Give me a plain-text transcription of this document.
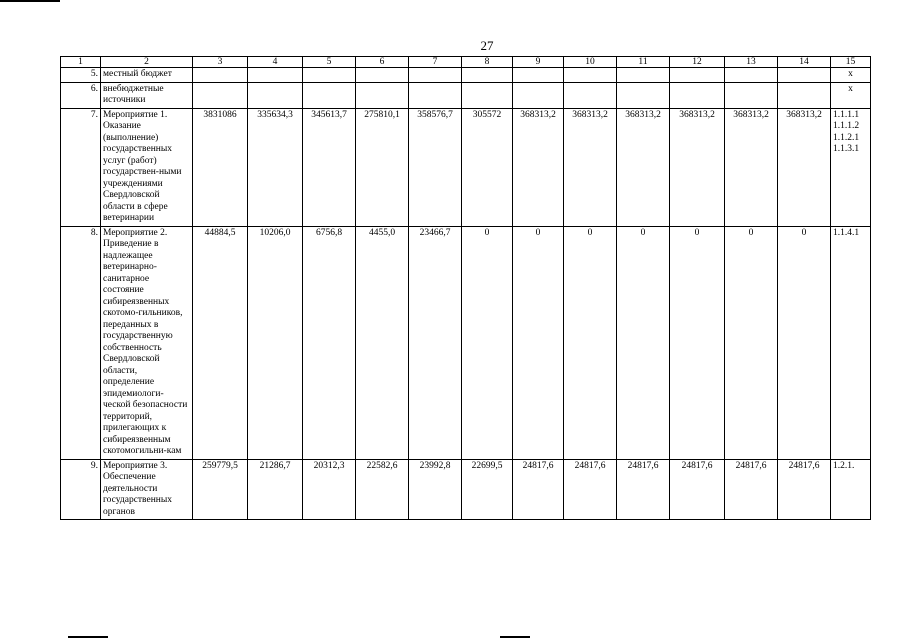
27
1	2	3	4	5	6	7	8	9	10	11	12	13	14	15
5.	местный бюджет													х

6.	внебюджетные источники													х

7.	Мероприятие 1. Оказание (выполнение) государственных услуг (работ) государствен-ными учреждениями Свердловской области в сфере ветеринарии	3831086	335634,3	345613,7	275810,1	358576,7	305572	368313,2	368313,2	368313,2	368313,2	368313,2	368313,2	1.1.1.1
1.1.1.2
1.1.2.1
1.1.3.1

8.	Мероприятие 2. Приведение в надлежащее ветеринарно-санитарное состояние сибиреязвенных скотомо-гильников, переданных в государственную собственность Свердловской области, определение эпидемиологи-ческой безопасности территорий, прилегающих к сибиреязвенным скотомогильни-кам	44884,5	10206,0	6756,8	4455,0	23466,7	0	0	0	0	0	0	0	1.1.4.1

9.	Мероприятие 3. Обеспечение деятельности государственных органов	259779,5	21286,7	20312,3	22582,6	23992,8	22699,5	24817,6	24817,6	24817,6	24817,6	24817,6	24817,6	1.2.1.
